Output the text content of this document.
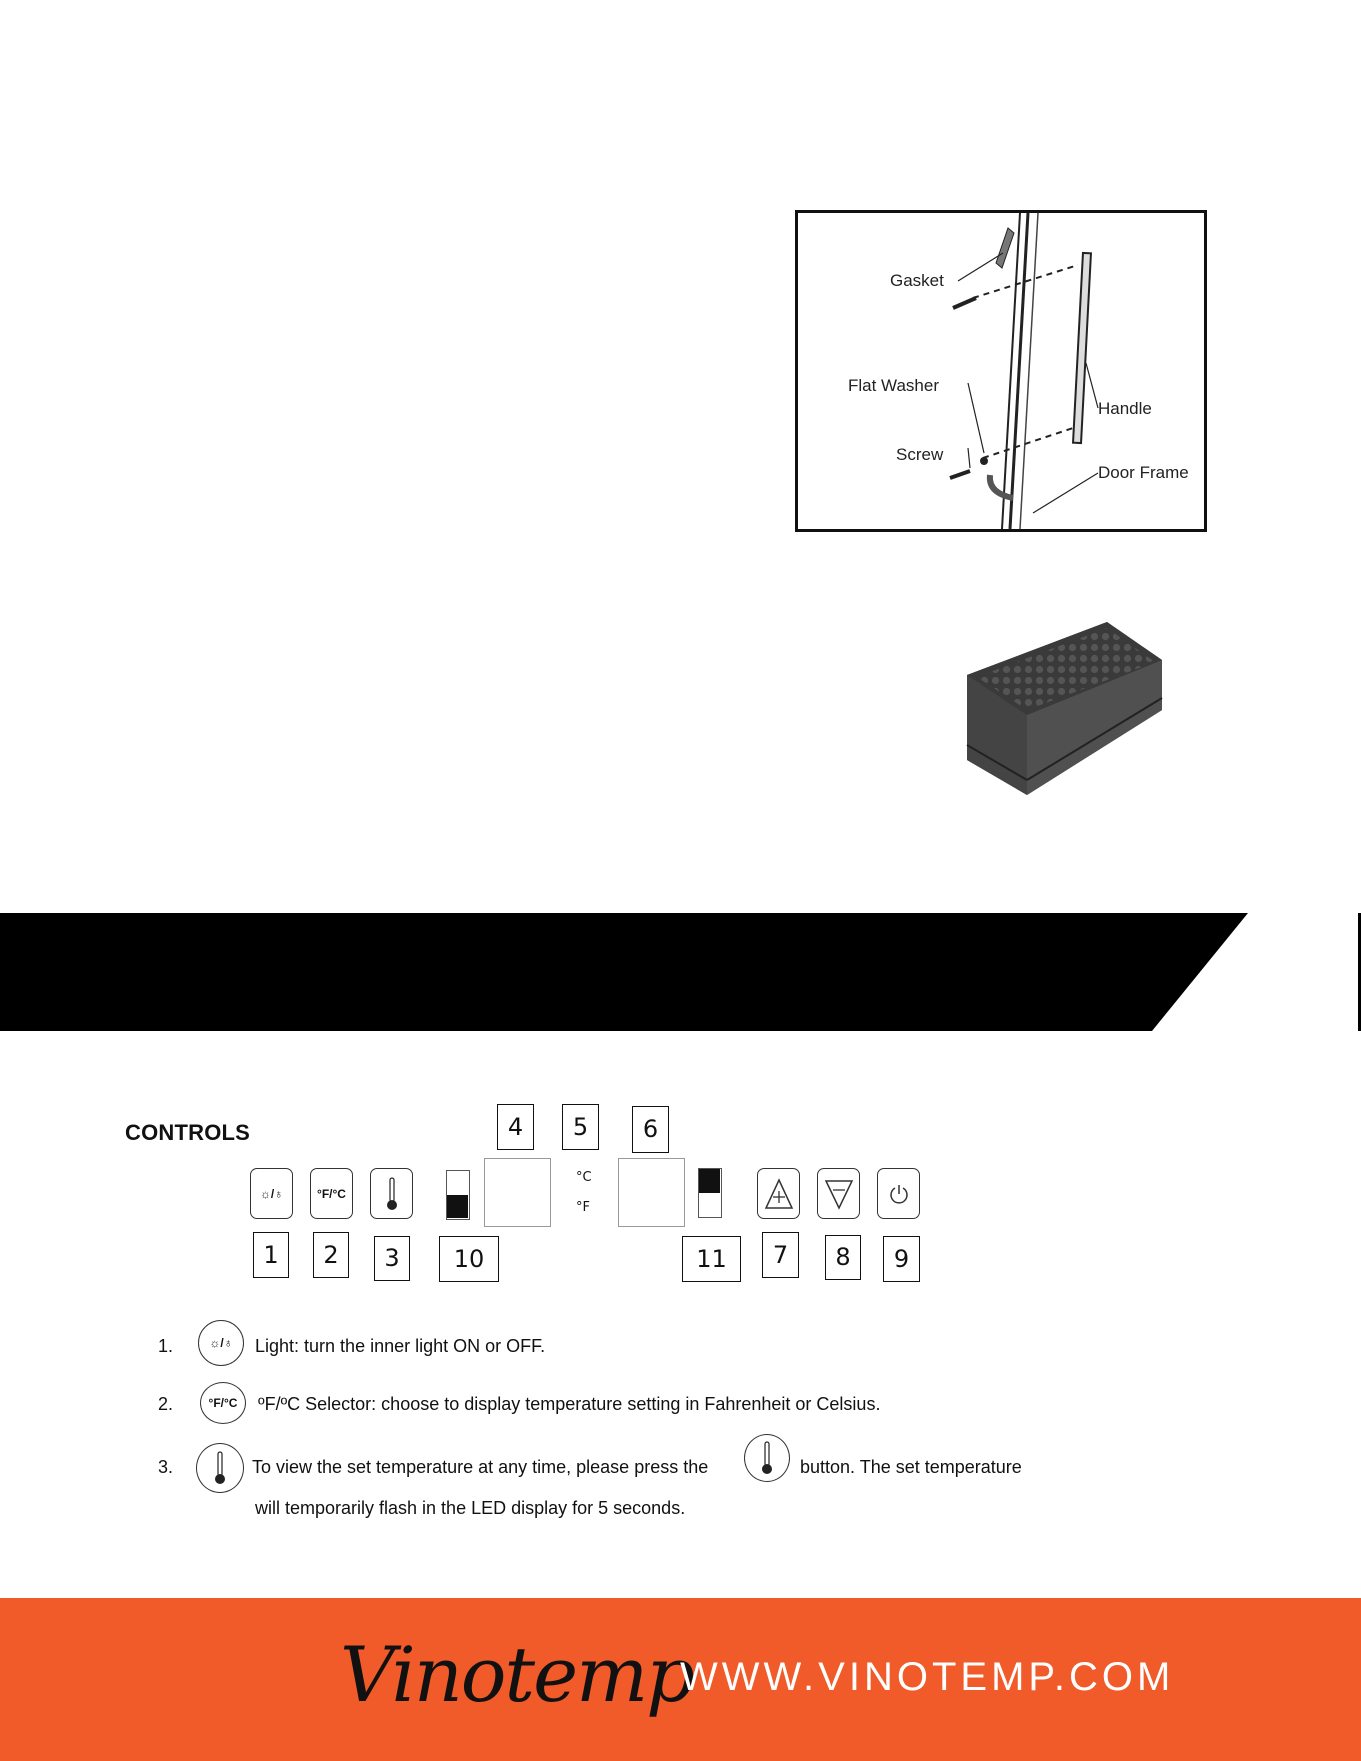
Gasket
Flat Washer
Handle
Screw
Door Frame
CONTROLS	4	5	6
☼/♁	°F/°C
°C
°F
1	2	3	10	11	7	8	9
1.	☼/♁ Light: turn the inner light ON or OFF.
2.	°F/°C ºF/ºC Selector: choose to display temperature setting in Fahrenheit or Celsius.
3.	To view the set temperature at any time, please press the	button. The set temperature
will temporarily flash in the LED display for 5 seconds.
Vinotemp
WWW.VINOTEMP.COM
